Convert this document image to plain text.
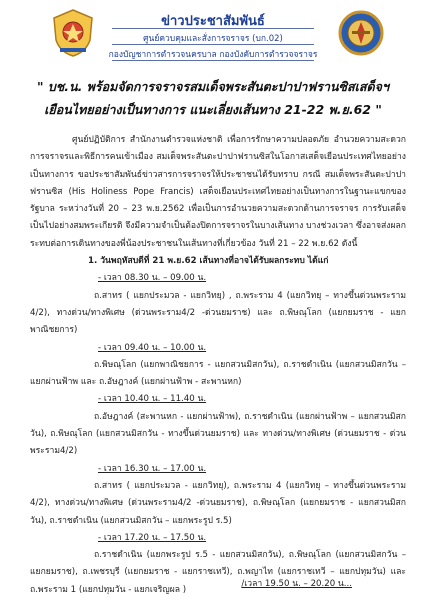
ข่าวประชาสัมพันธ์
ศูนย์ควบคุมและสั่งการจราจร (บก.02)
กองบัญชาการตำรวจนครบาล กองบังคับการตำรวจจราจร
" บช.น. พร้อมจัดการจราจรสมเด็จพระสันตะปาปาฟรานซิสเสด็จฯ
เยือนไทยอย่างเป็นทางการ แนะเลี่ยงเส้นทาง 21-22 พ.ย.62 "

ศูนย์ปฏิบัติการ สำนักงานตำรวจแห่งชาติ เพื่อการรักษาความปลอดภัย อำนวยความสะดวกการจราจรและพิธีการคนเข้าเมือง สมเด็จพระสันตะปาปาฟรานซิสในโอกาสเสด็จเยือนประเทศไทยอย่างเป็นทางการ ขอประชาสัมพันธ์ข่าวสารการจราจรให้ประชาชนได้รับทราบ กรณี สมเด็จพระสันตะปาปาฟรานซิส (His Holiness Pope Francis) เสด็จเยือนประเทศไทยอย่างเป็นทางการในฐานะแขกของรัฐบาล ระหว่างวันที่ 20 – 23 พ.ย.2562 เพื่อเป็นการอำนวยความสะดวกด้านการจราจร การรับเสด็จเป็นไปอย่างสมพระเกียรติ จึงมีความจำเป็นต้องปิดการจราจรในบางเส้นทาง บางช่วงเวลา ซึ่งอาจส่งผลกระทบต่อการเดินทางของพี่น้องประชาชนในเส้นทางที่เกี่ยวข้อง วันที่ 21 – 22 พ.ย.62 ดังนี้

1. วันพฤหัสบดีที่ 21 พ.ย.62 เส้นทางที่อาจได้รับผลกระทบ ได้แก่

- เวลา 08.30 น. – 09.00 น.

ถ.สาทร ( แยกประมวล - แยกวิทยุ) , ถ.พระราม 4 (แยกวิทยุ – ทางขึ้นด่วนพระราม 4/2), ทางด่วน/ทางพิเศษ (ด่วนพระราม4/2 -ด่วนยมราช) และ ถ.พิษณุโลก (แยกยมราช - แยกพาณิชยการ)

- เวลา 09.40 น. – 10.00 น.

ถ.พิษณุโลก (แยกพาณิชยการ - แยกสวนมิสกวัน), ถ.ราชดำเนิน (แยกสวนมิสกวัน – แยกผ่านฟ้าพ และ ถ.อัษฎางค์ (แยกผ่านฟ้าพ - สะพานหก)

- เวลา 10.40 น. – 11.40 น.

ถ.อัษฎางค์ (สะพานหก - แยกผ่านฟ้าพ), ถ.ราชดำเนิน (แยกผ่านฟ้าพ – แยกสวนมิสกวัน), ถ.พิษณุโลก (แยกสวนมิสกวัน - ทางขึ้นด่วนยมราช) และ ทางด่วน/ทางพิเศษ (ด่วนยมราช - ด่วนพระราม4/2)

- เวลา 16.30 น. – 17.00 น.

ถ.สาทร ( แยกประมวล - แยกวิทยุ), ถ.พระราม 4 (แยกวิทยุ – ทางขึ้นด่วนพระราม 4/2), ทางด่วน/ทางพิเศษ (ด่วนพระราม4/2 -ด่วนยมราช), ถ.พิษณุโลก (แยกยมราช - แยกสวนมิสกวัน), ถ.ราชดำเนิน (แยกสวนมิสกวัน – แยกพระรูป ร.5)

- เวลา 17.20 น. – 17.50 น.

ถ.ราชดำเนิน (แยกพระรูป ร.5 - แยกสวนมิสกวัน), ถ.พิษณุโลก (แยกสวนมิสกวัน – แยกยมราช), ถ.เพชรบุรี (แยกยมราช - แยกราชเทวี), ถ.พญาไท (แยกราชเทวี – แยกปทุมวัน) และ ถ.พระราม 1 (แยกปทุมวัน - แยกเจริญผล )

/เวลา 19.50 น. – 20.20 น...
